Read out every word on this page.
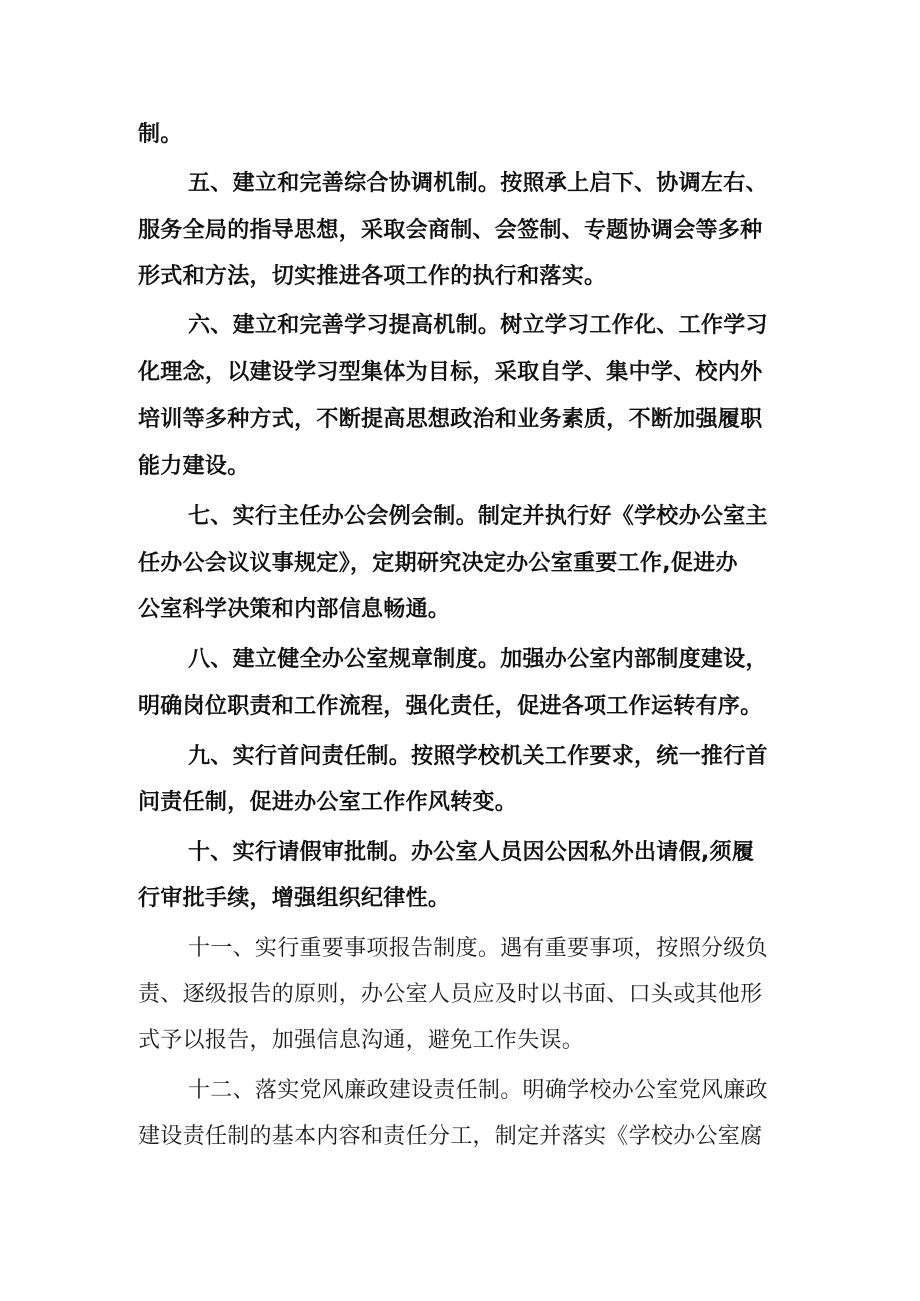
制。
五、建立和完善综合协调机制。按照承上启下、协调左右、
服务全局的指导思想，采取会商制、会签制、专题协调会等多种
形式和方法，切实推进各项工作的执行和落实。
六、建立和完善学习提高机制。树立学习工作化、工作学习
化理念，以建设学习型集体为目标，采取自学、集中学、校内外
培训等多种方式，不断提高思想政治和业务素质，不断加强履职
能力建设。
七、实行主任办公会例会制。制定并执行好《学校办公室主
任办公会议议事规定》，定期研究决定办公室重要工作,促进办
公室科学决策和内部信息畅通。
八、建立健全办公室规章制度。加强办公室内部制度建设，
明确岗位职责和工作流程，强化责任，促进各项工作运转有序。
九、实行首问责任制。按照学校机关工作要求，统一推行首
问责任制，促进办公室工作作风转变。
十、实行请假审批制。办公室人员因公因私外出请假,须履
行审批手续，增强组织纪律性。
十一、实行重要事项报告制度。遇有重要事项，按照分级负
责、逐级报告的原则，办公室人员应及时以书面、口头或其他形
式予以报告，加强信息沟通，避免工作失误。
十二、落实党风廉政建设责任制。明确学校办公室党风廉政
建设责任制的基本内容和责任分工，制定并落实《学校办公室腐
